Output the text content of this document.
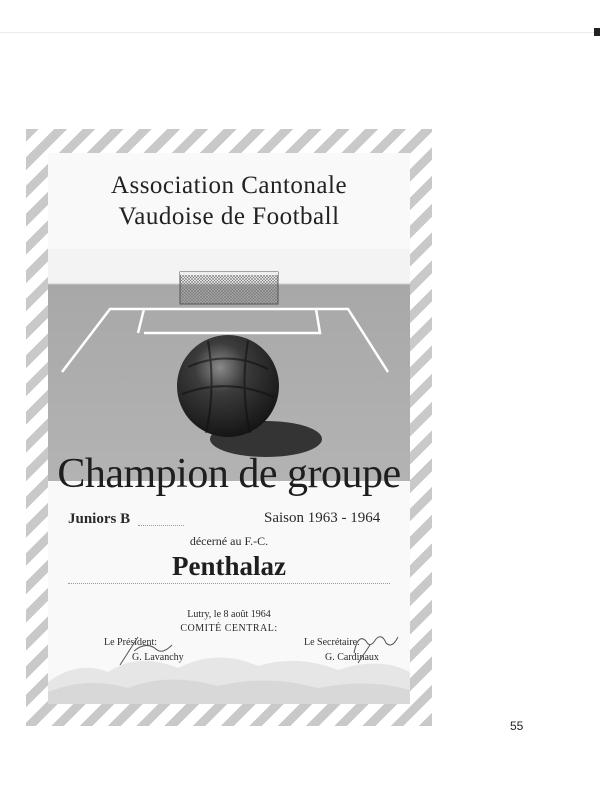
Association Cantonale
Vaudoise de Football
Champion de groupe
Juniors B	Saison 1963 - 1964
décerné au F.-C.
Penthalaz
Lutry, le 8 août 1964
COMITÉ CENTRAL:
Le Président:
G. Lavanchy
Le Secrétaire:
G. Cardinaux
55
